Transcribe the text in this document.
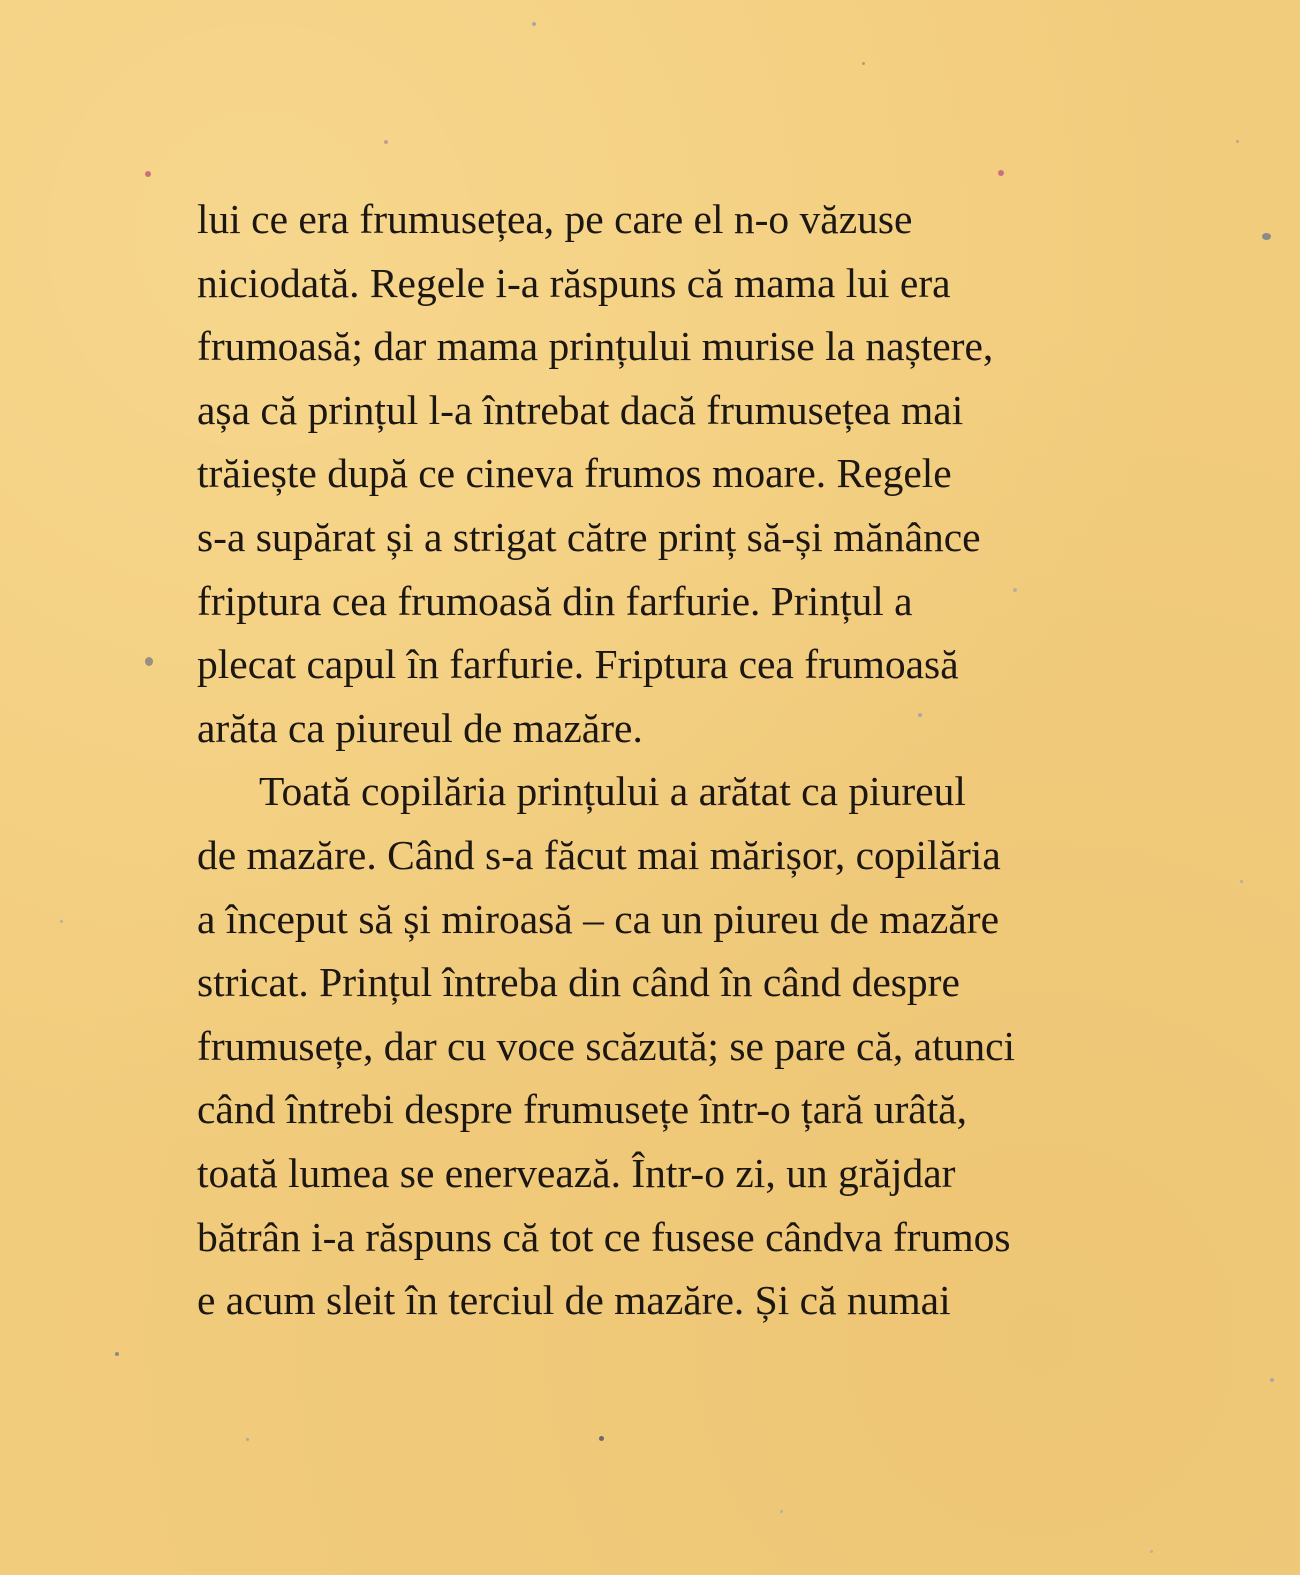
lui ce era frumusețea, pe care el n-o văzuse
niciodată. Regele i-a răspuns că mama lui era
frumoasă; dar mama prințului murise la naștere,
așa că prințul l-a întrebat dacă frumusețea mai
trăiește după ce cineva frumos moare. Regele
s-a supărat și a strigat către prinț să-și mănânce
friptura cea frumoasă din farfurie. Prințul a
plecat capul în farfurie. Friptura cea frumoasă
arăta ca piureul de mazăre.
Toată copilăria prințului a arătat ca piureul
de mazăre. Când s-a făcut mai mărișor, copilăria
a început să și miroasă – ca un piureu de mazăre
stricat. Prințul întreba din când în când despre
frumusețe, dar cu voce scăzută; se pare că, atunci
când întrebi despre frumusețe într-o țară urâtă,
toată lumea se enervează. Într-o zi, un grăjdar
bătrân i-a răspuns că tot ce fusese cândva frumos
e acum sleit în terciul de mazăre. Și că numai
